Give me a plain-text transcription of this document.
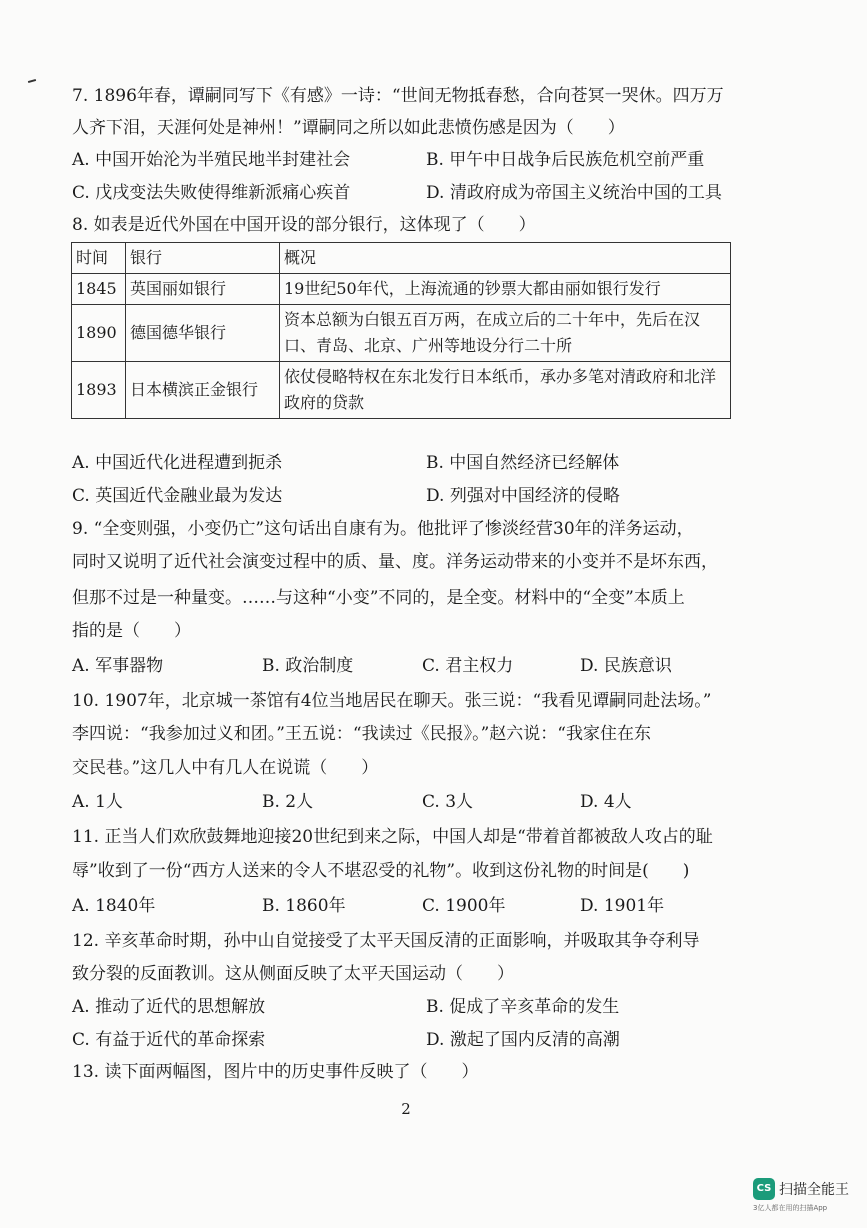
7. 1896年春，谭嗣同写下《有感》一诗：“世间无物抵春愁，合向苍冥一哭休。四万万
人齐下泪，天涯何处是神州！”谭嗣同之所以如此悲愤伤感是因为（　　）
A. 中国开始沦为半殖民地半封建社会	B. 甲午中日战争后民族危机空前严重
C. 戊戌变法失败使得维新派痛心疾首	D. 清政府成为帝国主义统治中国的工具
8. 如表是近代外国在中国开设的部分银行，这体现了（　　）
时间	银行	概况
1845	英国丽如银行	19世纪50年代，上海流通的钞票大都由丽如银行发行
1890	德国德华银行	资本总额为白银五百万两，在成立后的二十年中，先后在汉口、青岛、北京、广州等地设分行二十所
1893	日本横滨正金银行	依仗侵略特权在东北发行日本纸币，承办多笔对清政府和北洋政府的贷款
A. 中国近代化进程遭到扼杀	B. 中国自然经济已经解体
C. 英国近代金融业最为发达	D. 列强对中国经济的侵略
9. “全变则强，小变仍亡”这句话出自康有为。他批评了惨淡经营30年的洋务运动，
同时又说明了近代社会演变过程中的质、量、度。洋务运动带来的小变并不是坏东西，
但那不过是一种量变。……与这种“小变”不同的，是全变。材料中的“全变”本质上
指的是（　　）
A. 军事器物	B. 政治制度	C. 君主权力	D. 民族意识
10. 1907年，北京城一茶馆有4位当地居民在聊天。张三说：“我看见谭嗣同赴法场。”
李四说：“我参加过义和团。”王五说：“我读过《民报》。”赵六说：“我家住在东
交民巷。”这几人中有几人在说谎（　　）
A. 1人	B. 2人	C. 3人	D. 4人
11. 正当人们欢欣鼓舞地迎接20世纪到来之际，中国人却是“带着首都被敌人攻占的耻
辱”收到了一份“西方人送来的令人不堪忍受的礼物”。收到这份礼物的时间是(　　)
A. 1840年	B. 1860年	C. 1900年	D. 1901年
12. 辛亥革命时期，孙中山自觉接受了太平天国反清的正面影响，并吸取其争夺利导
致分裂的反面教训。这从侧面反映了太平天国运动（　　）
A. 推动了近代的思想解放	B. 促成了辛亥革命的发生
C. 有益于近代的革命探索	D. 激起了国内反清的高潮
13. 读下面两幅图，图片中的历史事件反映了（　　）
2
CS 扫描全能王
3亿人都在用的扫描App
